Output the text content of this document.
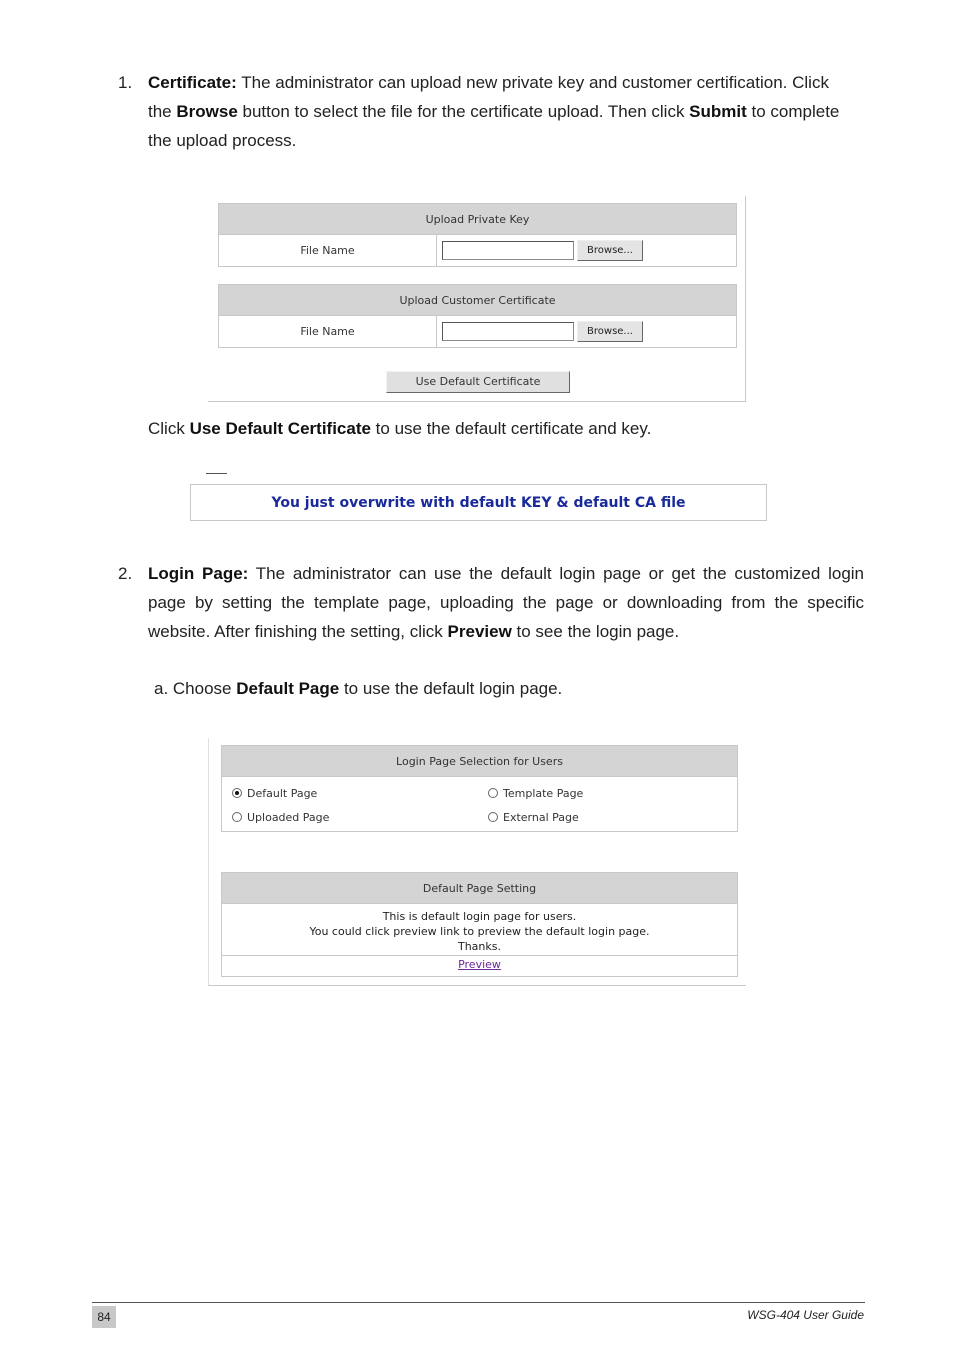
1. Certificate: The administrator can upload new private key and customer certification. Click
the Browse button to select the file for the certificate upload. Then click Submit to complete
the upload process.
Upload Private Key
File Name	Browse...
Upload Customer Certificate
File Name	Browse...
Use Default Certificate
Click Use Default Certificate to use the default certificate and key.
You just overwrite with default KEY & default CA file
2. Login Page: The administrator can use the default login page or get the customized login
page by setting the template page, uploading the page or downloading from the specific
website. After finishing the setting, click Preview to see the login page.
a. Choose Default Page to use the default login page.
Login Page Selection for Users
Default Page	Template Page
Uploaded Page	External Page
Default Page Setting
This is default login page for users.
You could click preview link to preview the default login page.
Thanks.
Preview
84	WSG-404 User Guide
